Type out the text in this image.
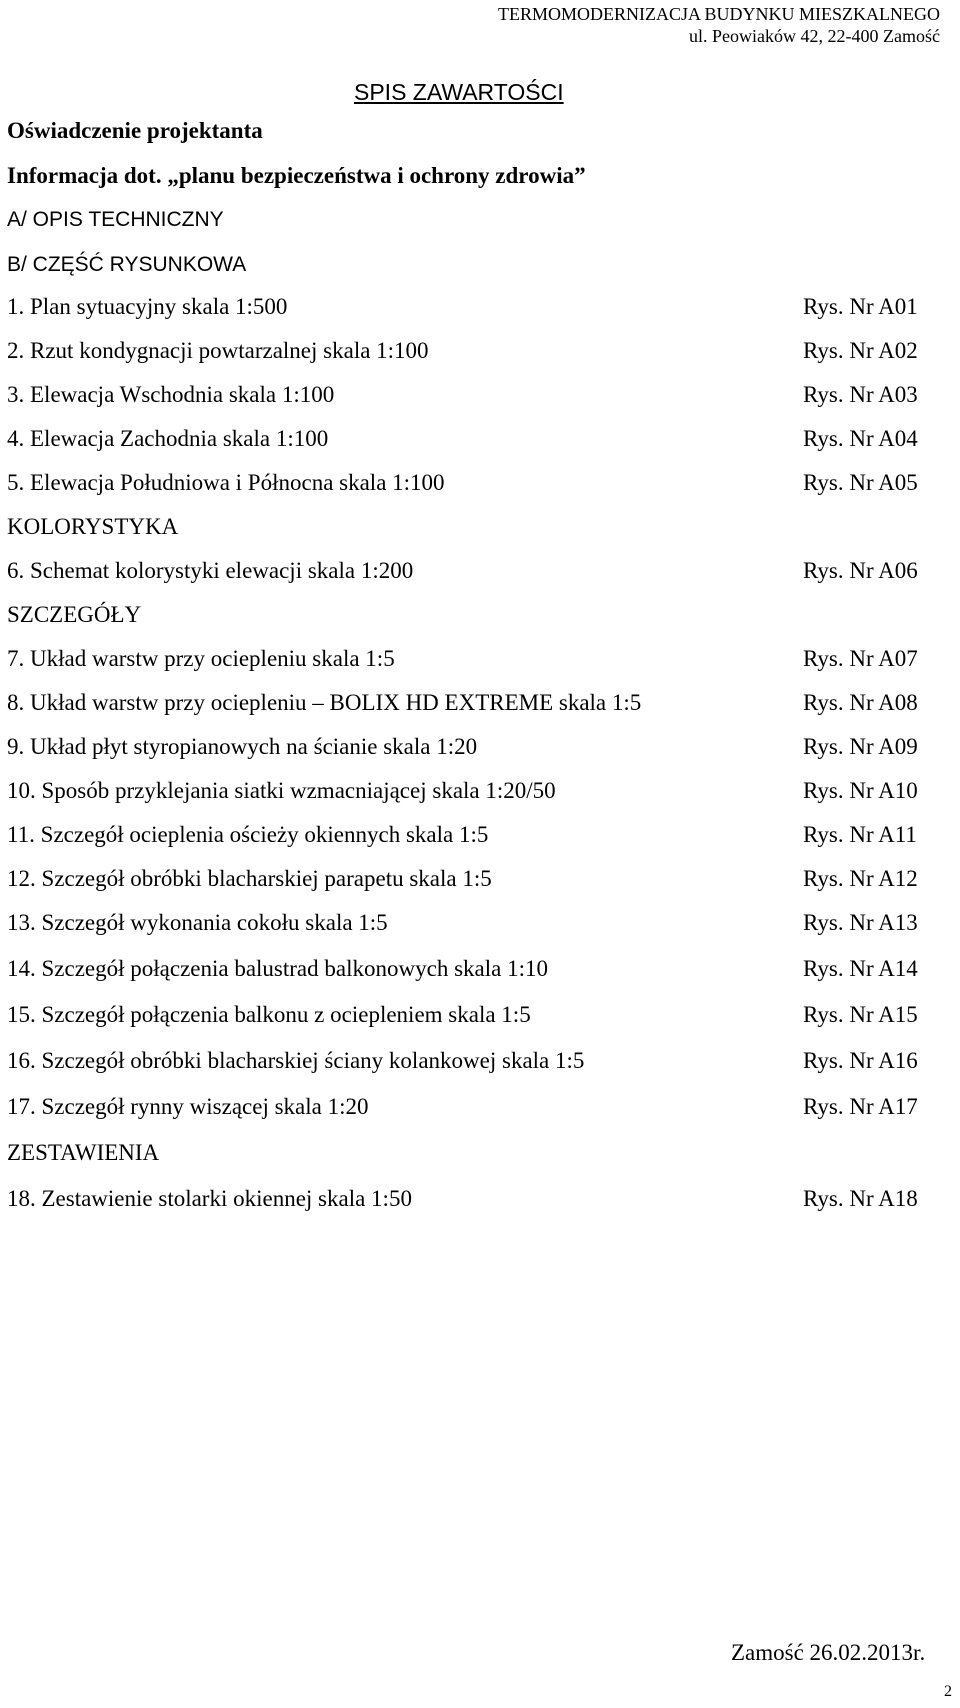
TERMOMODERNIZACJA BUDYNKU MIESZKALNEGO
ul. Peowiaków 42, 22-400 Zamość
SPIS ZAWARTOŚCI
Oświadczenie projektanta
Informacja dot. „planu bezpieczeństwa i ochrony zdrowia”
A/ OPIS TECHNICZNY
B/ CZĘŚĆ RYSUNKOWA
1. Plan sytuacyjny skala 1:500	Rys. Nr A01
2. Rzut kondygnacji powtarzalnej skala 1:100	Rys. Nr A02
3. Elewacja Wschodnia skala 1:100	Rys. Nr A03
4. Elewacja Zachodnia skala 1:100	Rys. Nr A04
5. Elewacja Południowa i Północna skala 1:100	Rys. Nr A05
KOLORYSTYKA
6. Schemat kolorystyki elewacji skala 1:200	Rys. Nr A06
SZCZEGÓŁY
7. Układ warstw przy ociepleniu skala 1:5	Rys. Nr A07
8. Układ warstw przy ociepleniu – BOLIX HD EXTREME skala 1:5	Rys. Nr A08
9. Układ płyt styropianowych na ścianie skala 1:20	Rys. Nr A09
10. Sposób przyklejania siatki wzmacniającej skala 1:20/50	Rys. Nr A10
11. Szczegół ocieplenia ościeży okiennych skala 1:5	Rys. Nr A11
12. Szczegół obróbki blacharskiej parapetu skala 1:5	Rys. Nr A12
13. Szczegół wykonania cokołu skala 1:5	Rys. Nr A13
14. Szczegół połączenia balustrad balkonowych skala 1:10	Rys. Nr A14
15. Szczegół połączenia balkonu z ociepleniem skala 1:5	Rys. Nr A15
16. Szczegół obróbki blacharskiej ściany kolankowej skala 1:5	Rys. Nr A16
17. Szczegół rynny wiszącej skala 1:20	Rys. Nr A17
ZESTAWIENIA
18. Zestawienie stolarki okiennej skala 1:50	Rys. Nr A18
Zamość 26.02.2013r.
2
